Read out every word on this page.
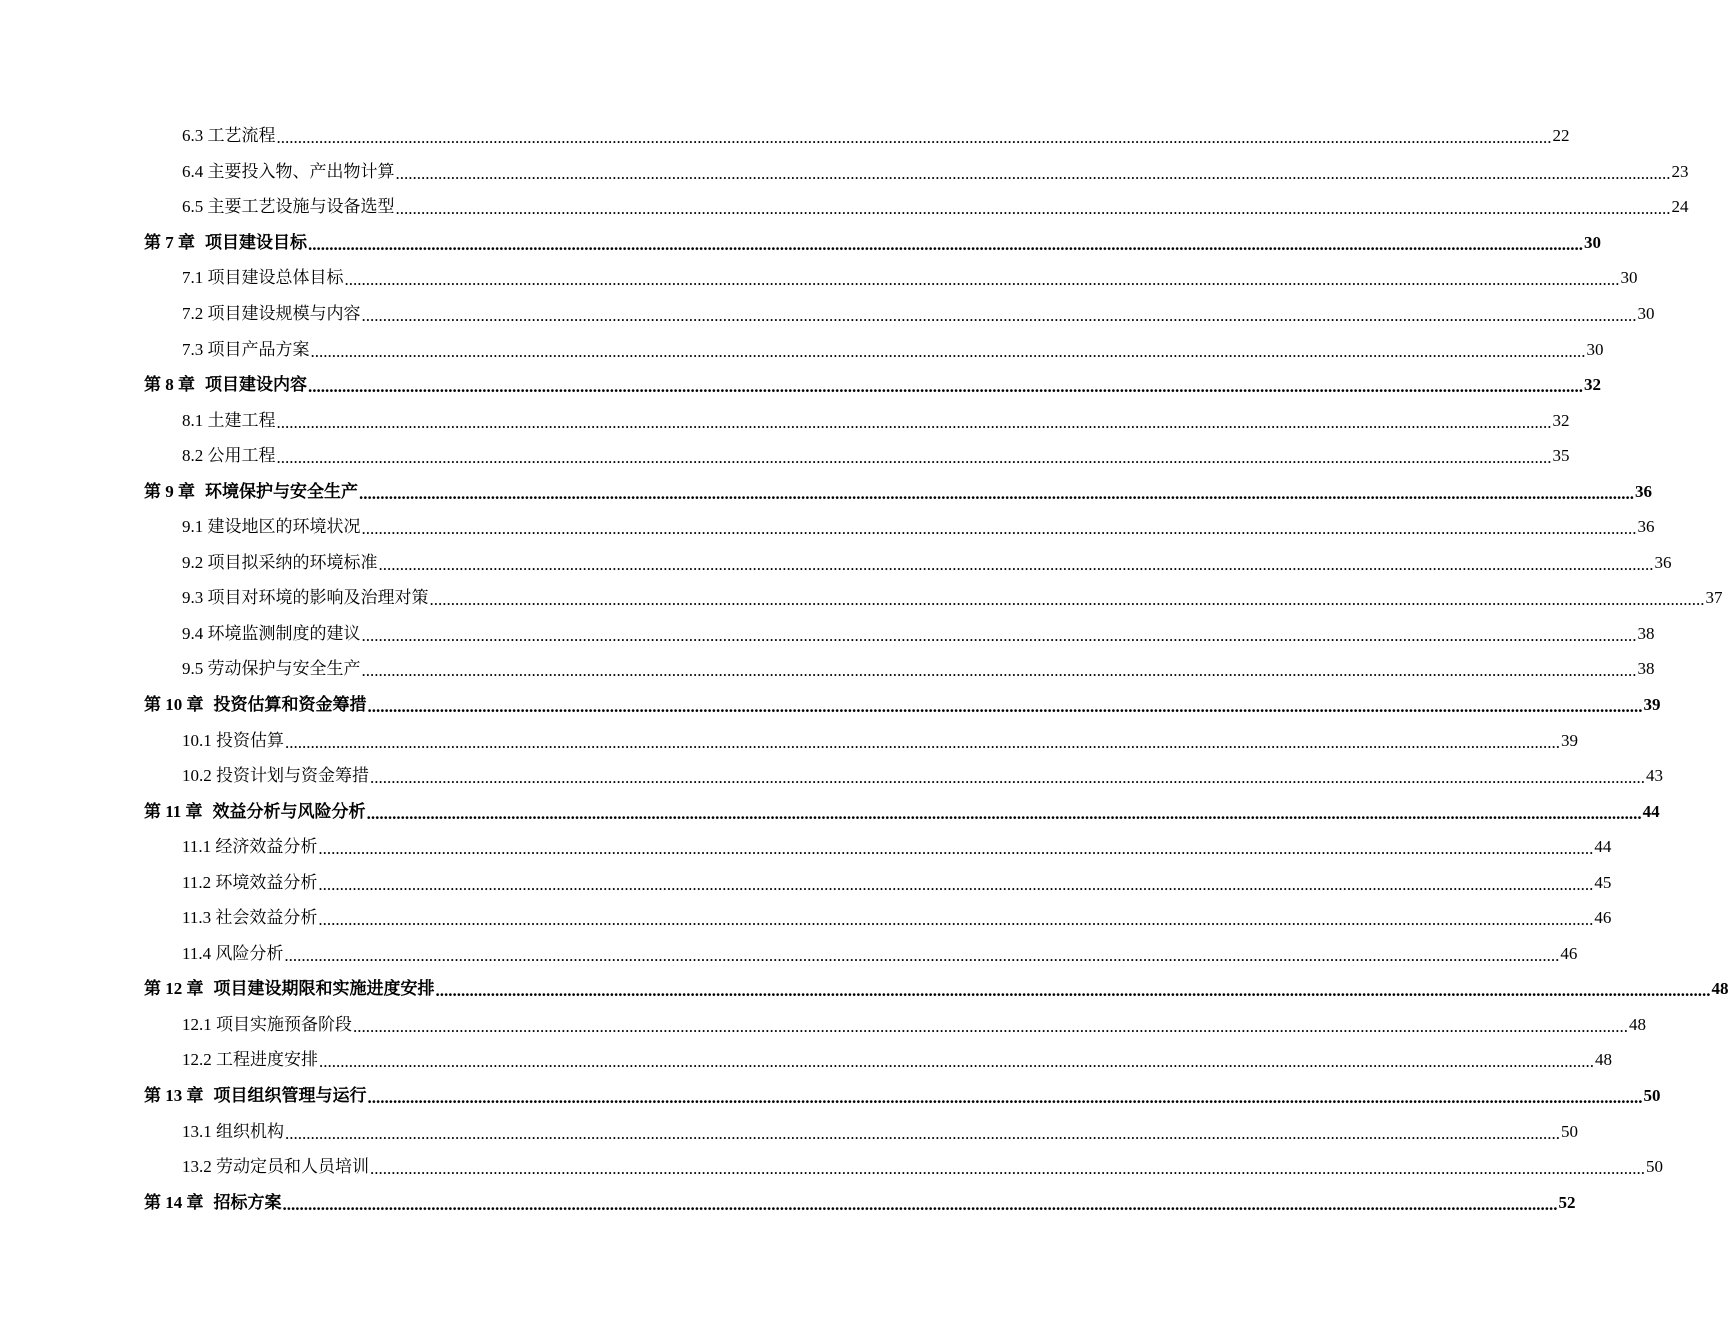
6.3 工艺流程 ............................................................................................................................................................................................................................................................................................................ 22
6.4 主要投入物、产出物计算 ............................................................................................................................................................................................................................................................................................................ 23
6.5 主要工艺设施与设备选型 ............................................................................................................................................................................................................................................................................................................ 24
第 7 章 项目建设目标 ............................................................................................................................................................................................................................................................................................................ 30
7.1 项目建设总体目标 ............................................................................................................................................................................................................................................................................................................ 30
7.2 项目建设规模与内容 ............................................................................................................................................................................................................................................................................................................ 30
7.3 项目产品方案 ............................................................................................................................................................................................................................................................................................................ 30
第 8 章 项目建设内容 ............................................................................................................................................................................................................................................................................................................ 32
8.1 土建工程 ............................................................................................................................................................................................................................................................................................................ 32
8.2 公用工程 ............................................................................................................................................................................................................................................................................................................ 35
第 9 章 环境保护与安全生产 ............................................................................................................................................................................................................................................................................................................ 36
9.1 建设地区的环境状况 ............................................................................................................................................................................................................................................................................................................ 36
9.2 项目拟采纳的环境标准 ............................................................................................................................................................................................................................................................................................................ 36
9.3 项目对环境的影响及治理对策 ............................................................................................................................................................................................................................................................................................................ 37
9.4 环境监测制度的建议 ............................................................................................................................................................................................................................................................................................................ 38
9.5 劳动保护与安全生产 ............................................................................................................................................................................................................................................................................................................ 38
第 10 章 投资估算和资金筹措 ............................................................................................................................................................................................................................................................................................................ 39
10.1 投资估算 ............................................................................................................................................................................................................................................................................................................ 39
10.2 投资计划与资金筹措 ............................................................................................................................................................................................................................................................................................................ 43
第 11 章 效益分析与风险分析 ............................................................................................................................................................................................................................................................................................................ 44
11.1 经济效益分析 ............................................................................................................................................................................................................................................................................................................ 44
11.2 环境效益分析 ............................................................................................................................................................................................................................................................................................................ 45
11.3 社会效益分析 ............................................................................................................................................................................................................................................................................................................ 46
11.4 风险分析 ............................................................................................................................................................................................................................................................................................................ 46
第 12 章 项目建设期限和实施进度安排 ............................................................................................................................................................................................................................................................................................................ 48
12.1 项目实施预备阶段 ............................................................................................................................................................................................................................................................................................................ 48
12.2 工程进度安排 ............................................................................................................................................................................................................................................................................................................ 48
第 13 章 项目组织管理与运行 ............................................................................................................................................................................................................................................................................................................ 50
13.1 组织机构 ............................................................................................................................................................................................................................................................................................................ 50
13.2 劳动定员和人员培训 ............................................................................................................................................................................................................................................................................................................ 50
第 14 章 招标方案 ............................................................................................................................................................................................................................................................................................................ 52
